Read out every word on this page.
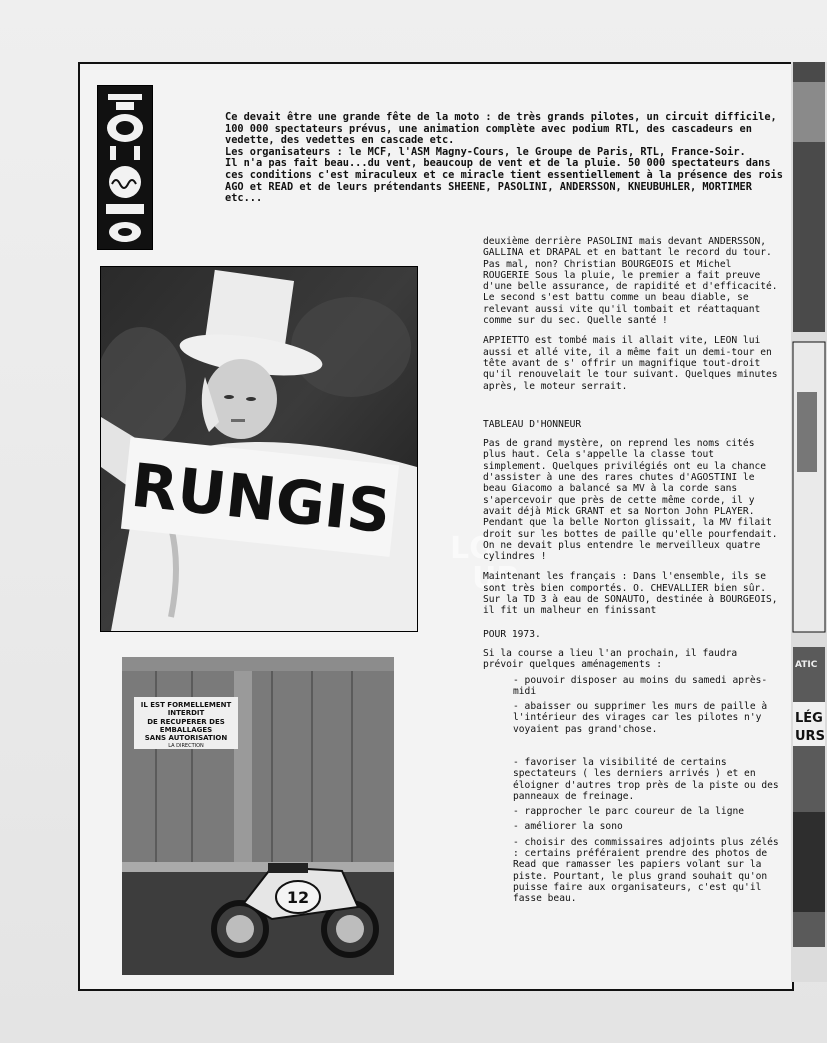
Ce devait être une grande fête de la moto : de très grands pilotes, un circuit difficile, 100 000 spectateurs prévus, une animation complète avec podium RTL, des cascadeurs en vedette, des vedettes en cascade etc.
Les organisateurs : le MCF, l'ASM Magny-Cours, le Groupe de Paris, RTL, France-Soir.
Il n'a pas fait beau...du vent, beaucoup de vent et de la pluie. 50 000 spectateurs dans ces conditions c'est miraculeux et ce miracle tient essentiellement à la présence des rois AGO et READ et de leurs prétendants SHEENE, PASOLINI, ANDERSSON, KNEUBUHLER, MORTIMER etc...
RUNGIS
LG
UP
IL EST FORMELLEMENT
INTERDIT
DE RECUPERER DES
EMBALLAGES
SANS AUTORISATION
LA DIRECTION
12
deuxième derrière PASOLINI mais devant ANDERSSON, GALLINA et DRAPAL et en battant le record du tour. Pas mal, non? Christian BOURGEOIS et Michel ROUGERIE Sous la pluie, le premier a fait preuve d'une belle assurance, de rapidité et d'efficacité. Le second s'est battu comme un beau diable, se relevant aussi vite qu'il tombait et réattaquant comme sur du sec. Quelle santé !
APPIETTO est tombé mais il allait vite, LEON lui aussi et allé vite, il a même fait un demi-tour en tête avant de s' offrir un magnifique tout-droit qu'il renouvelait le tour suivant. Quelques minutes après, le moteur serrait.
TABLEAU D'HONNEUR
Pas de grand mystère, on reprend les noms cités plus haut. Cela s'appelle la classe tout simplement. Quelques privilégiés ont eu la chance d'assister à une des rares chutes d'AGOSTINI le beau Giacomo a balancé sa MV à la corde sans s'apercevoir que près de cette même corde, il y avait déjà Mick GRANT et sa Norton John PLAYER. Pendant que la belle Norton glissait, la MV filait droit sur les bottes de paille qu'elle pourfendait. On ne devait plus entendre le merveilleux quatre cylindres !
Maintenant les français : Dans l'ensemble, ils se sont très bien comportés. O. CHEVALLIER bien sûr. Sur la TD 3 à eau de SONAUTO, destinée à BOURGEOIS, il fit un malheur en finissant
POUR 1973.
Si la course a lieu l'an prochain, il faudra prévoir quelques aménagements :
- pouvoir disposer au moins du samedi après-midi
- abaisser ou supprimer les murs de paille à l'intérieur des virages car les pilotes n'y voyaient pas grand'chose.
- favoriser la visibilité de certains spectateurs ( les derniers arrivés ) et en éloigner d'autres trop près de la piste ou des panneaux de freinage.
- rapprocher le parc coureur de la ligne
- améliorer la sono
- choisir des commissaires adjoints plus zélés : certains préféraient prendre des photos de Read que ramasser les papiers volant sur la piste. Pourtant, le plus grand souhait qu'on puisse faire aux organisateurs, c'est qu'il fasse beau.
ATIC
LÉG
URS
